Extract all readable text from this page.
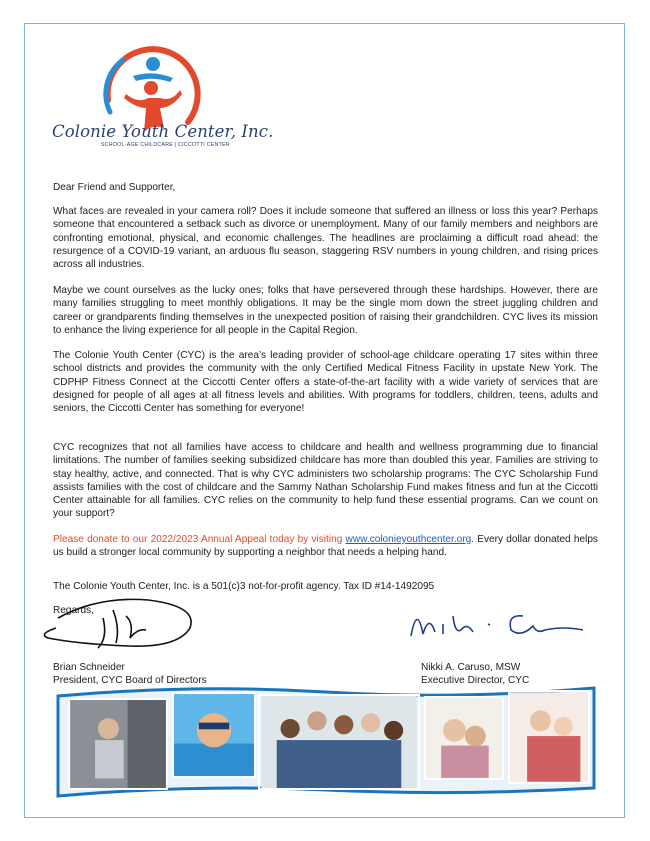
Colonie Youth Center, Inc.
SCHOOL-AGE CHILDCARE | CICCOTTI CENTER
Dear Friend and Supporter,

What faces are revealed in your camera roll? Does it include someone that suffered an illness or loss this year? Perhaps someone that encountered a setback such as divorce or unemployment. Many of our family members and neighbors are confronting emotional, physical, and economic challenges. The headlines are proclaiming a difficult road ahead: the resurgence of a COVID-19 variant, an arduous flu season, staggering RSV numbers in young children, and rising prices across all industries.

Maybe we count ourselves as the lucky ones; folks that have persevered through these hardships. However, there are many families struggling to meet monthly obligations. It may be the single mom down the street juggling children and career or grandparents finding themselves in the unexpected position of raising their grandchildren. CYC lives its mission to enhance the living experience for all people in the Capital Region.

The Colonie Youth Center (CYC) is the area’s leading provider of school-age childcare operating 17 sites within three school districts and provides the community with the only Certified Medical Fitness Facility in upstate New York. The CDPHP Fitness Connect at the Ciccotti Center offers a state-of-the-art facility with a wide variety of services that are designed for people of all ages at all fitness levels and abilities. With programs for toddlers, children, teens, adults and seniors, the Ciccotti Center has something for everyone!

CYC recognizes that not all families have access to childcare and health and wellness programming due to financial limitations. The number of families seeking subsidized childcare has more than doubled this year. Families are striving to stay healthy, active, and connected. That is why CYC administers two scholarship programs: The CYC Scholarship Fund assists families with the cost of childcare and the Sammy Nathan Scholarship Fund makes fitness and fun at the Ciccotti Center attainable for all families. CYC relies on the community to help fund these essential programs. Can we count on your support?

Please donate to our 2022/2023 Annual Appeal today by visiting www.colonieyouthcenter.org. Every dollar donated helps us build a stronger local community by supporting a neighbor that needs a helping hand.

The Colonie Youth Center, Inc. is a 501(c)3 not-for-profit agency. Tax ID #14-1492095

Regards,

Brian Schneider
President, CYC Board of Directors
Nikki A. Caruso, MSW
Executive Director, CYC
